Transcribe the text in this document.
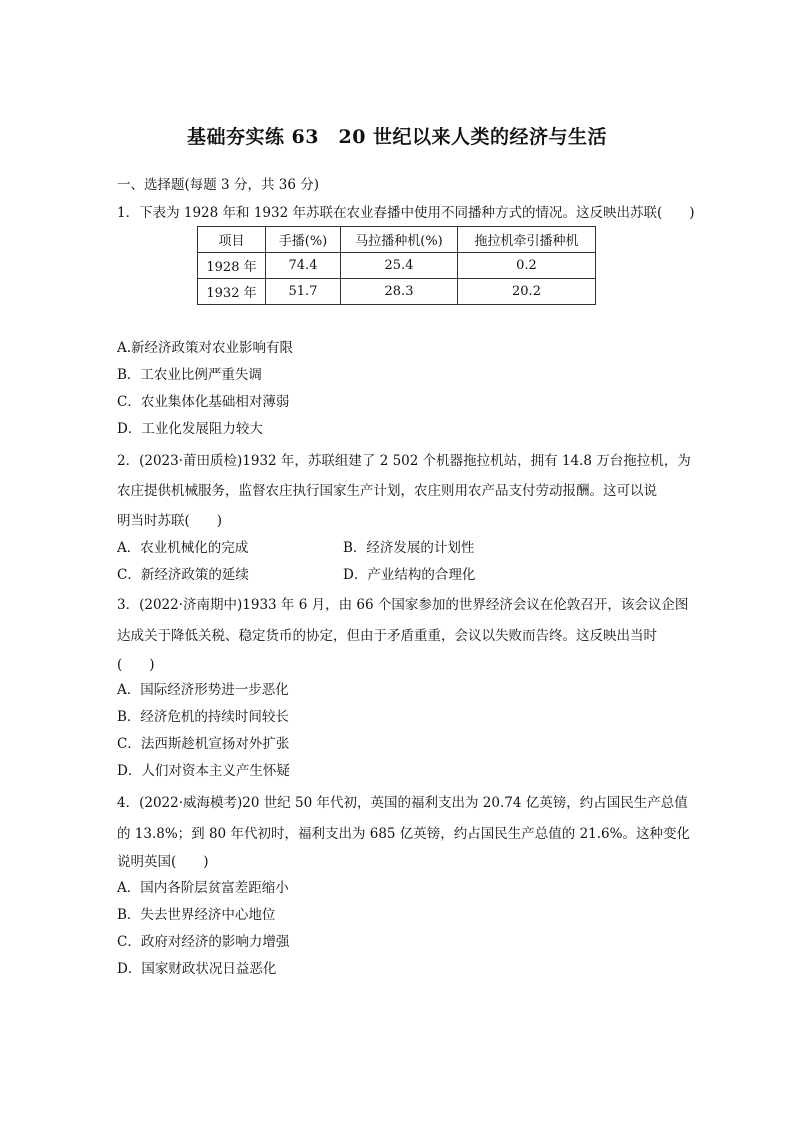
基础夯实练 63　20 世纪以来人类的经济与生活
一、选择题(每题 3 分，共 36 分)
1．下表为 1928 年和 1932 年苏联在农业春播中使用不同播种方式的情况。这反映出苏联(　　)
项目	手播(%)	马拉播种机(%)	拖拉机牵引播种机
1928 年	74.4	25.4	0.2
1932 年	51.7	28.3	20.2
A.新经济政策对农业影响有限
B．工农业比例严重失调
C．农业集体化基础相对薄弱
D．工业化发展阻力较大
2．(2023·莆田质检)1932 年，苏联组建了 2 502 个机器拖拉机站，拥有 14.8 万台拖拉机，为
农庄提供机械服务，监督农庄执行国家生产计划，农庄则用农产品支付劳动报酬。这可以说
明当时苏联(　　)
A．农业机械化的完成	B．经济发展的计划性
C．新经济政策的延续	D．产业结构的合理化
3．(2022·济南期中)1933 年 6 月，由 66 个国家参加的世界经济会议在伦敦召开，该会议企图
达成关于降低关税、稳定货币的协定，但由于矛盾重重，会议以失败而告终。这反映出当时
(　　)
A．国际经济形势进一步恶化
B．经济危机的持续时间较长
C．法西斯趁机宣扬对外扩张
D．人们对资本主义产生怀疑
4．(2022·威海模考)20 世纪 50 年代初，英国的福利支出为 20.74 亿英镑，约占国民生产总值
的 13.8%；到 80 年代初时，福利支出为 685 亿英镑，约占国民生产总值的 21.6%。这种变化
说明英国(　　)
A．国内各阶层贫富差距缩小
B．失去世界经济中心地位
C．政府对经济的影响力增强
D．国家财政状况日益恶化
